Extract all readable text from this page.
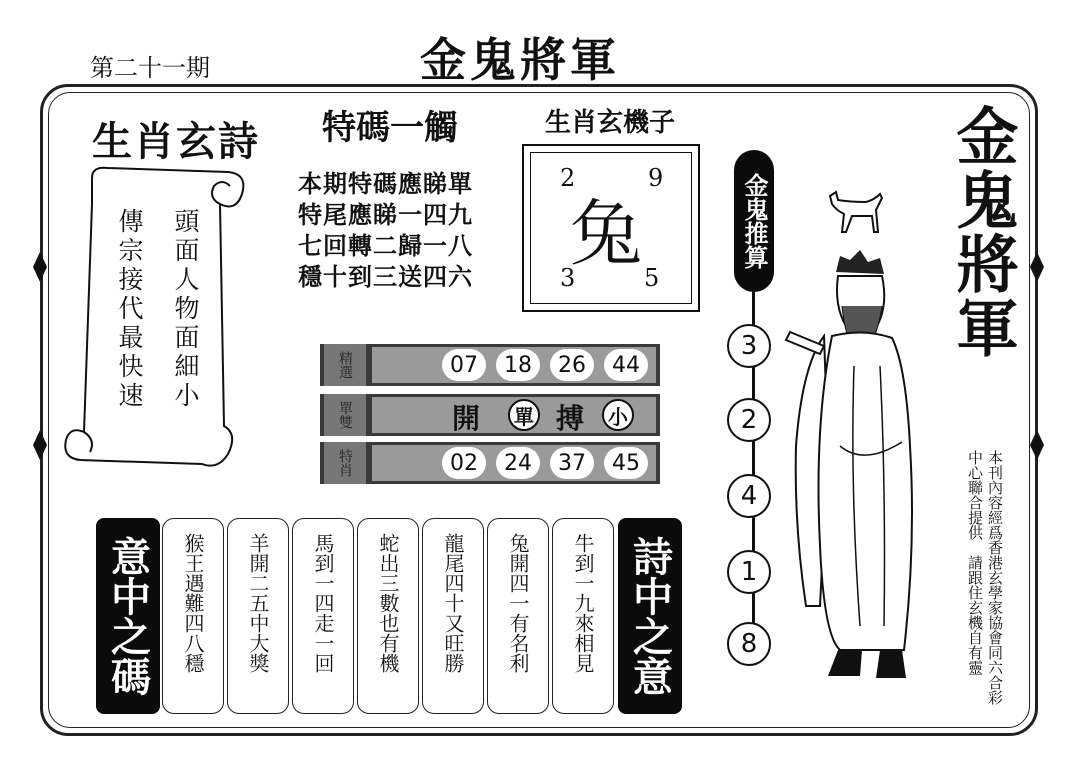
第二十一期	金鬼將軍
生肖玄詩 特碼一觸	生肖玄機子
頭面人物面細小
傳宗接代最快速
本期特碼應睇單
特尾應睇一四九
七回轉二歸一八
穩十到三送四六
2	9
兔
3	5
精選	07	18	26	44
單雙	開	單 搏	小
特肖	02	24	37	45
意中之碼	猴王遇難四八穩 羊開二五中大獎 馬到一四走一回 蛇出三數也有機 龍尾四十又旺勝 兔開四一有名利 牛到一九來相見 詩中之意
金鬼推算
3
2
4
1
8
金鬼將軍
本刊內容經爲香港玄學家協會同六合彩
中心聯合提供　請跟住玄機自有靈
